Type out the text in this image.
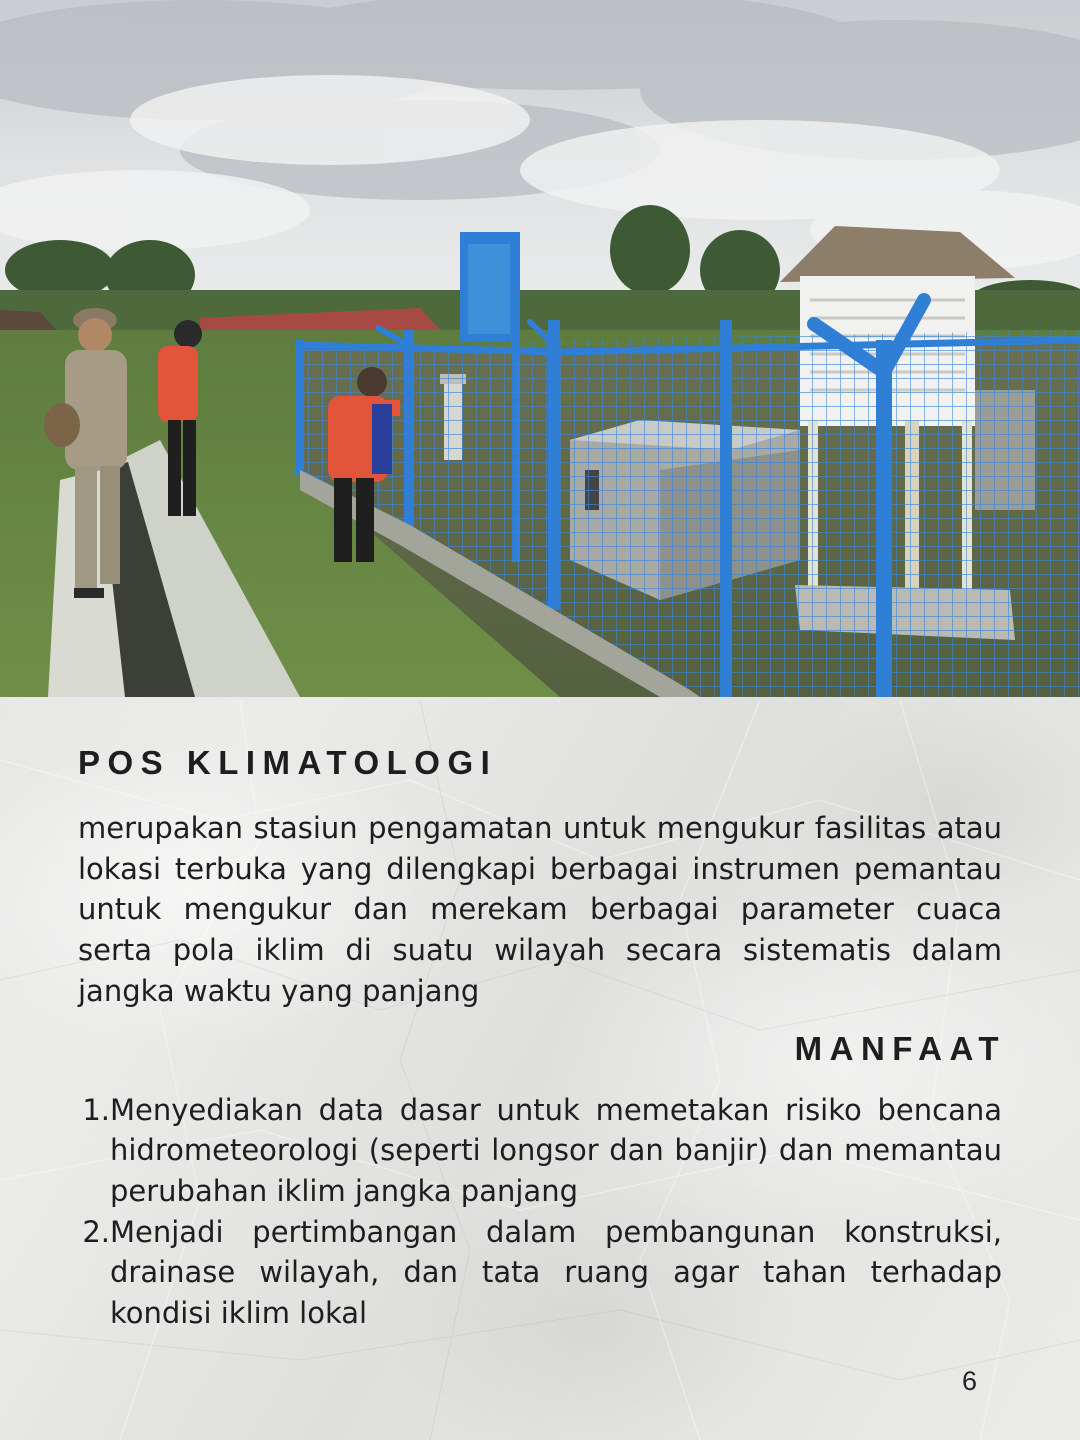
POS KLIMATOLOGI

merupakan stasiun pengamatan untuk mengukur fasilitas atau lokasi terbuka yang dilengkapi berbagai instrumen pemantau untuk mengukur dan merekam berbagai parameter cuaca serta pola iklim di suatu wilayah secara sistematis dalam jangka waktu yang panjang

MANFAAT
1. Menyediakan data dasar untuk memetakan risiko bencana hidrometeorologi (seperti longsor dan banjir) dan memantau perubahan iklim jangka panjang
2. Menjadi pertimbangan dalam pembangunan konstruksi, drainase wilayah, dan tata ruang agar tahan terhadap kondisi iklim lokal
6
